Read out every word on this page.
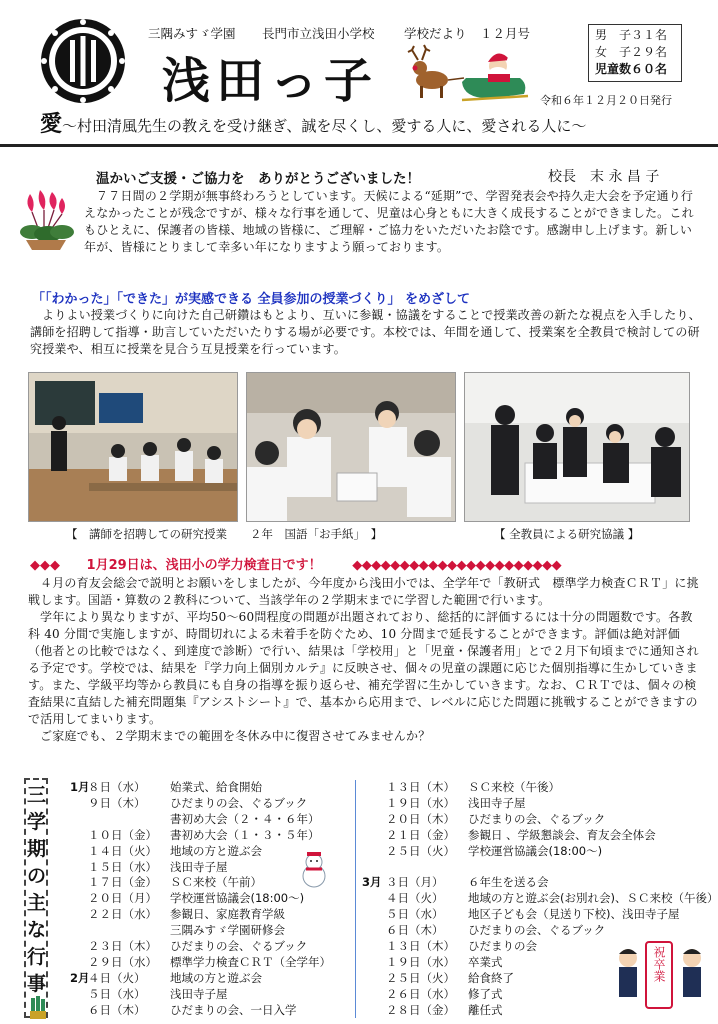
三隅みすゞ学園 長門市立浅田小学校 学校だより １２月号
浅田っ子
男　子３１名
女　子２９名
児童数６０名
令和６年１２月２０日発行
愛～村田清風先生の教えを受け継ぎ、誠を尽くし、愛する人に、愛される人に～
温かいご支援・ご協力を　ありがとうございました！	校長　末 永 昌 子

７７日間の２学期が無事終わろうとしています。天候による“延期”で、学習発表会や持久走大会を予定通り行えなかったことが残念ですが、様々な行事を通して、児童は心身ともに大きく成長することができました。これもひとえに、保護者の皆様、地域の皆様に、ご理解・ご協力をいただいたお陰です。感謝申し上げます。新しい年が、皆様にとりまして幸多い年になりますよう願っております。

「「わかった」「できた」が実感できる 全員参加の授業づくり」 をめざして

よりよい授業づくりに向けた自己研鑽はもとより、互いに参観・協議をすることで授業改善の新たな視点を入手したり、講師を招聘して指導・助言していただいたりする場が必要です。本校では、年間を通して、授業案を全教員で検討しての研究授業や、相互に授業を見合う互見授業を行っています。

【　講師を招聘しての研究授業　　２年　国語「お手紙」　】	【 全教員による研究協議 】
◆◆◆ 1月29日は、浅田小の学力検査日です！ ◆◆◆◆◆◆◆◆◆◆◆◆◆◆◆◆◆◆◆◆◆◆

４月の育友会総会で説明とお願いをしましたが、今年度から浅田小では、全学年で「教研式　標準学力検査ＣＲＴ」に挑戦します。国語・算数の２教科について、当該学年の２学期末までに学習した範囲で行います。

学年により異なりますが、平均50～60問程度の問題が出題されており、総括的に評価するには十分の問題数です。各教科 40 分間で実施しますが、時間切れによる未着手を防ぐため、10 分間まで延長することができます。評価は絶対評価（他者との比較ではなく、到達度で診断）で行い、結果は「学校用」と「児童・保護者用」とで２月下旬頃までに通知される予定です。学校では、結果を『学力向上個別カルテ』に反映させ、個々の児童の課題に応じた個別指導に生かしていきます。また、学級平均等から教員にも自身の指導を振り返らせ、補充学習に生かしていきます。なお、ＣＲＴでは、個々の検査結果に直結した補充問題集『アシストシート』で、基本から応用まで、レベルに応じた問題に挑戦することができますので活用してまいります。

ご家庭でも、２学期末までの範囲を冬休み中に復習させてみませんか？

三
学
期
の
主
な
行
事
1月
８日（水） 始業式、給食開始
９日（木） ひだまりの会、ぐるブック
書初め大会（２・４・６年）
１０日（金） 書初め大会（１・３・５年）
１４日（火） 地域の方と遊ぶ会
１５日（水） 浅田寺子屋
１７日（金） ＳＣ来校（午前）
２０日（月） 学校運営協議会(18:00～)
２２日（水） 参観日、家庭教育学級
三隅みすゞ学園研修会
２３日（木） ひだまりの会、ぐるブック
２９日（水） 標準学力検査ＣＲＴ（全学年）
2月
４日（火） 地域の方と遊ぶ会
５日（水） 浅田寺子屋
６日（木） ひだまりの会、一日入学
１３日（木） ＳＣ来校（午後）
１９日（水） 浅田寺子屋
２０日（木） ひだまりの会、ぐるブック
２１日（金） 参観日 、学級懇談会、育友会全体会
２５日（火） 学校運営協議会(18:00～)
3月 ３日（月） ６年生を送る会
４日（火） 地域の方と遊ぶ会(お別れ会)、ＳＣ来校（午後）
５日（水） 地区子ども会（見送り下校)、浅田寺子屋
６日（木） ひだまりの会、ぐるブック
１３日（木） ひだまりの会
１９日（水） 卒業式
２５日（火） 給食終了
２６日（水） 修了式
２８日（金） 離任式
祝卒業
